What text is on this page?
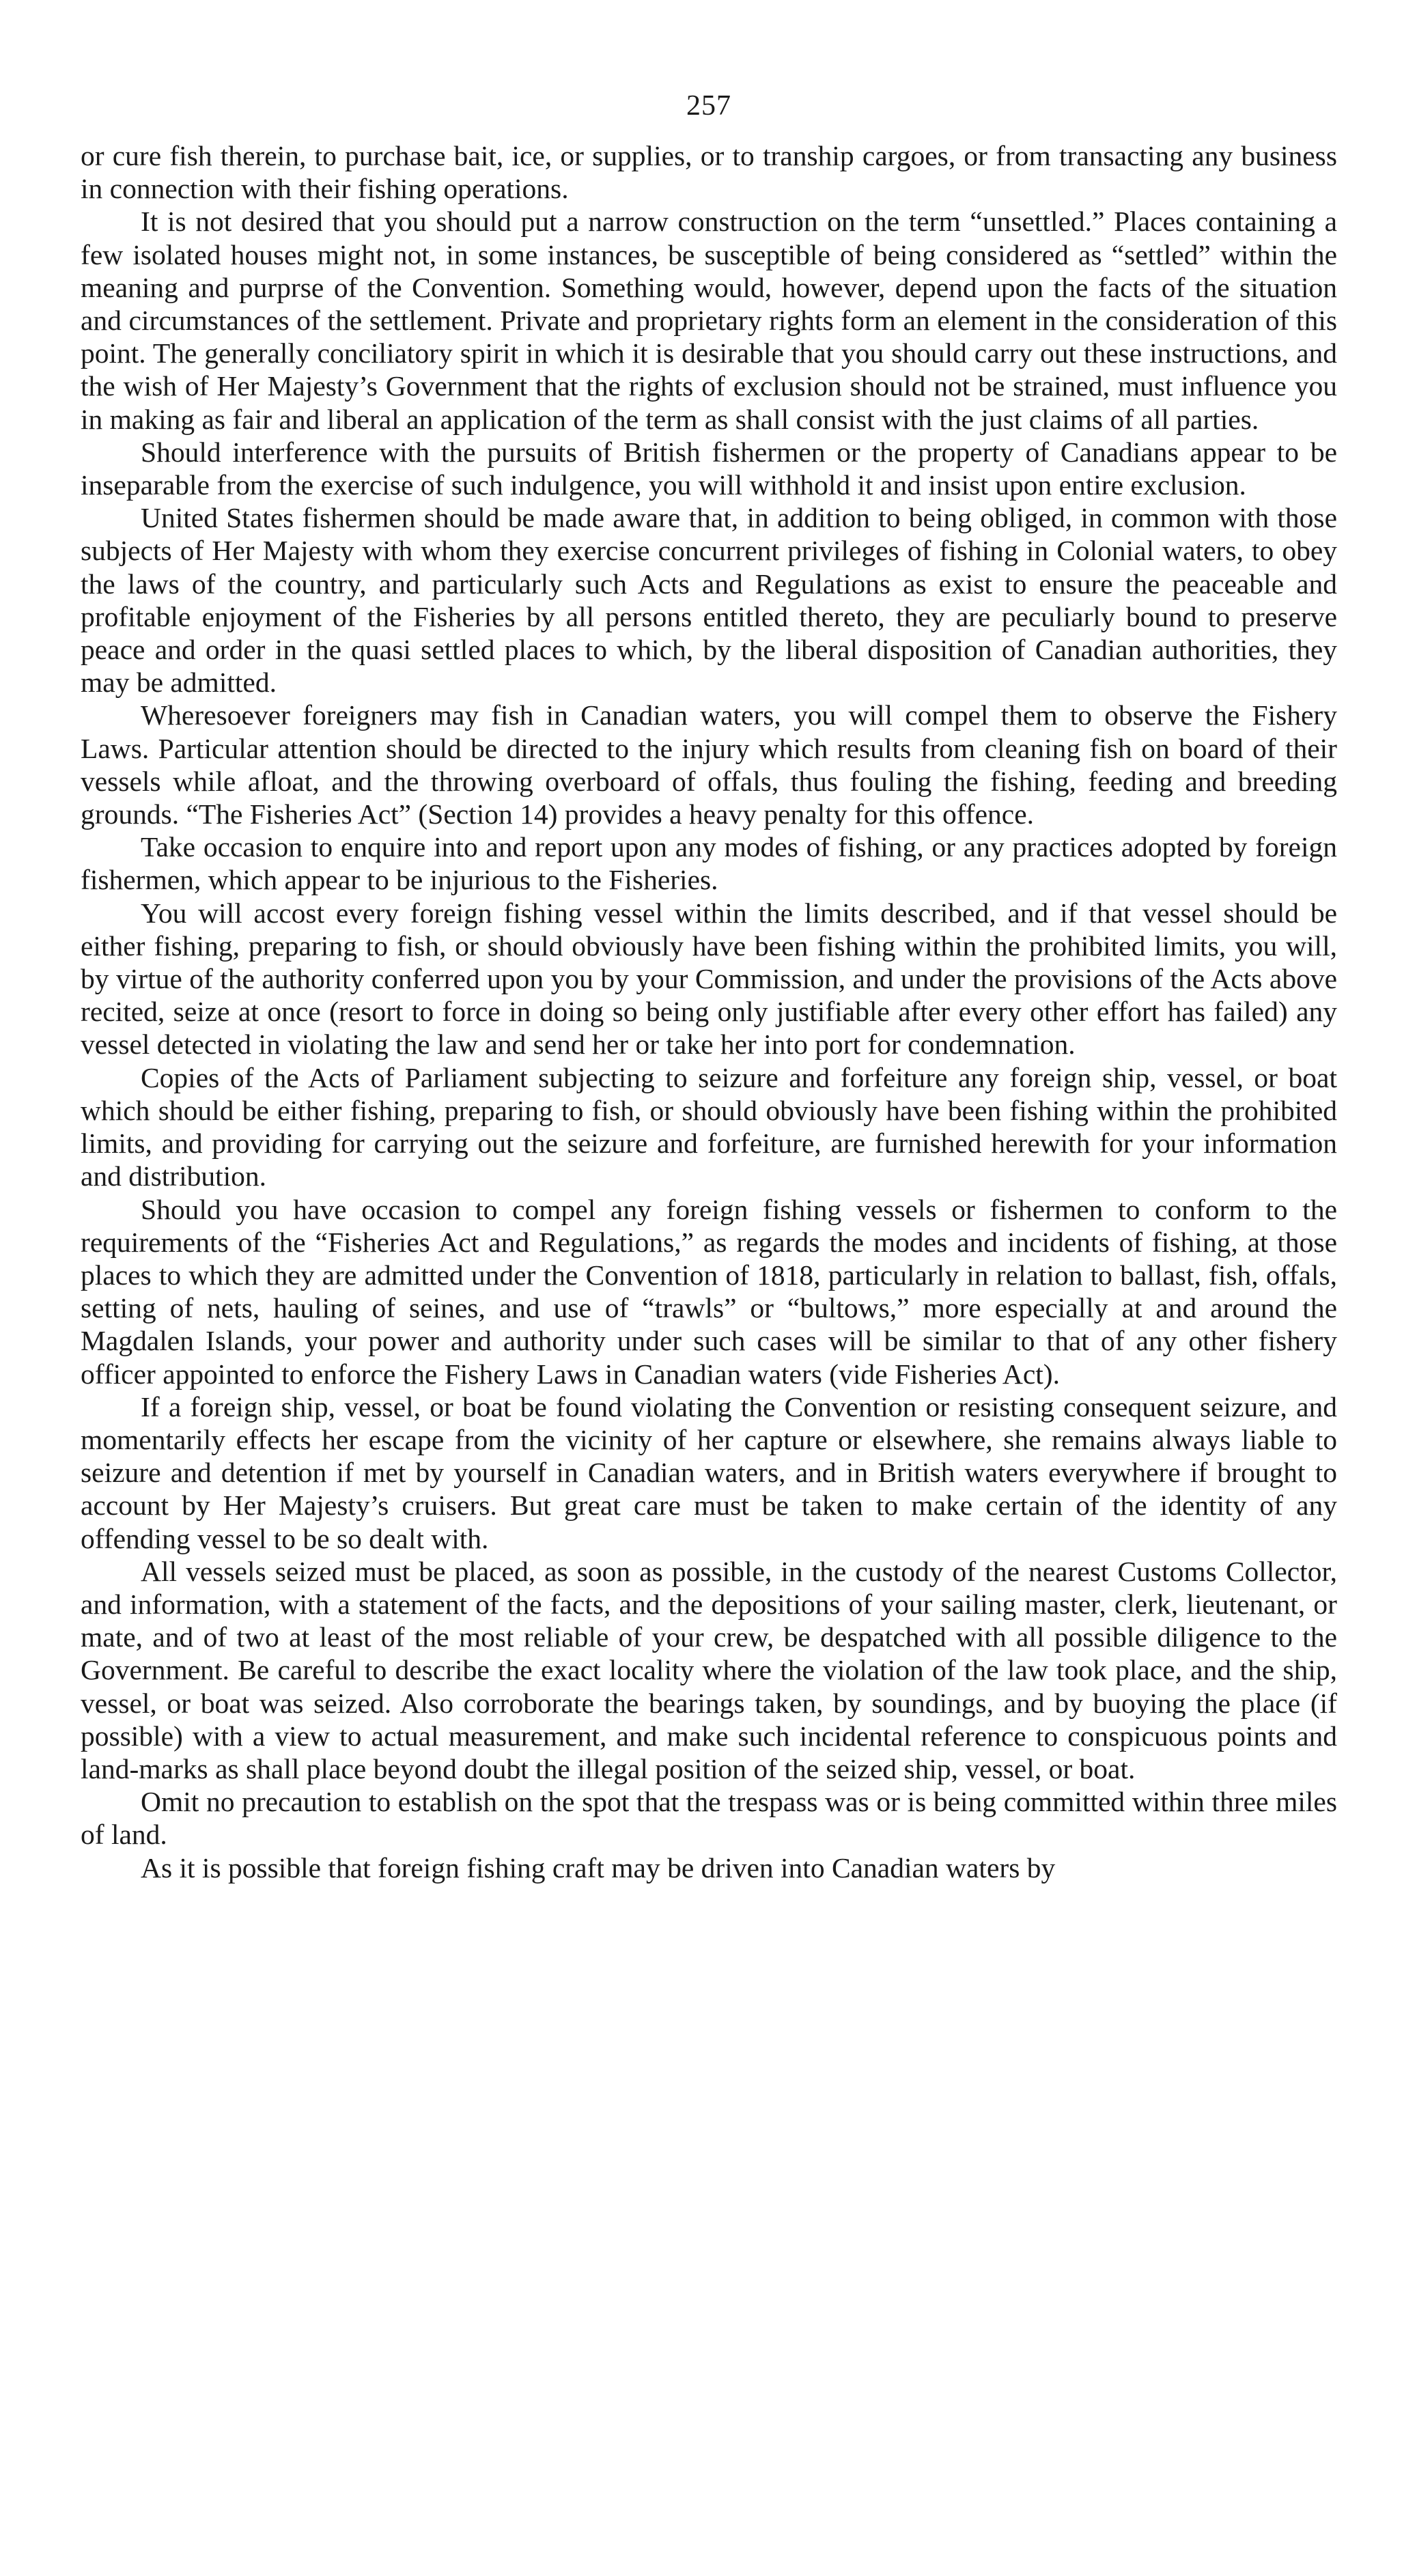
257

or cure fish therein, to purchase bait, ice, or supplies, or to tranship cargoes, or from transacting any business in connection with their fishing operations.

It is not desired that you should put a narrow construction on the term “unsettled.” Places containing a few isolated houses might not, in some instances, be susceptible of being considered as “settled” within the meaning and purprse of the Convention. Something would, however, depend upon the facts of the situation and circumstances of the settlement. Private and proprietary rights form an element in the consideration of this point. The generally conciliatory spirit in which it is desirable that you should carry out these instructions, and the wish of Her Majesty’s Government that the rights of exclusion should not be strained, must influence you in making as fair and liberal an application of the term as shall consist with the just claims of all parties.

Should interference with the pursuits of British fishermen or the property of Canadians appear to be inseparable from the exercise of such indulgence, you will withhold it and insist upon entire exclusion.

United States fishermen should be made aware that, in addition to being obliged, in common with those subjects of Her Majesty with whom they exercise concurrent privileges of fishing in Colonial waters, to obey the laws of the country, and particularly such Acts and Regulations as exist to ensure the peaceable and profitable enjoyment of the Fisheries by all persons entitled thereto, they are peculiarly bound to preserve peace and order in the quasi settled places to which, by the liberal disposition of Canadian authorities, they may be admitted.

Wheresoever foreigners may fish in Canadian waters, you will compel them to observe the Fishery Laws. Particular attention should be directed to the injury which results from cleaning fish on board of their vessels while afloat, and the throwing overboard of offals, thus fouling the fishing, feeding and breeding grounds. “The Fisheries Act” (Section 14) provides a heavy penalty for this offence.

Take occasion to enquire into and report upon any modes of fishing, or any practices adopted by foreign fishermen, which appear to be injurious to the Fisheries.

You will accost every foreign fishing vessel within the limits described, and if that vessel should be either fishing, preparing to fish, or should obviously have been fishing within the prohibited limits, you will, by virtue of the authority conferred upon you by your Commission, and under the provisions of the Acts above recited, seize at once (resort to force in doing so being only justifiable after every other effort has failed) any vessel detected in violating the law and send her or take her into port for condemnation.

Copies of the Acts of Parliament subjecting to seizure and forfeiture any foreign ship, vessel, or boat which should be either fishing, preparing to fish, or should obviously have been fishing within the prohibited limits, and providing for carrying out the seizure and forfeiture, are furnished herewith for your information and distribution.

Should you have occasion to compel any foreign fishing vessels or fishermen to conform to the requirements of the “Fisheries Act and Regulations,” as regards the modes and incidents of fishing, at those places to which they are admitted under the Convention of 1818, particularly in relation to ballast, fish, offals, setting of nets, hauling of seines, and use of “trawls” or “bultows,” more especially at and around the Magdalen Islands, your power and authority under such cases will be similar to that of any other fishery officer appointed to enforce the Fishery Laws in Canadian waters (vide Fisheries Act).

If a foreign ship, vessel, or boat be found violating the Convention or resisting consequent seizure, and momentarily effects her escape from the vicinity of her capture or elsewhere, she remains always liable to seizure and detention if met by yourself in Canadian waters, and in British waters everywhere if brought to account by Her Majesty’s cruisers. But great care must be taken to make certain of the identity of any offending vessel to be so dealt with.

All vessels seized must be placed, as soon as possible, in the custody of the nearest Customs Collector, and information, with a statement of the facts, and the depositions of your sailing master, clerk, lieutenant, or mate, and of two at least of the most reliable of your crew, be despatched with all possible diligence to the Government. Be careful to describe the exact locality where the violation of the law took place, and the ship, vessel, or boat was seized. Also corroborate the bearings taken, by soundings, and by buoying the place (if possible) with a view to actual measurement, and make such incidental reference to conspicuous points and land-marks as shall place beyond doubt the illegal position of the seized ship, vessel, or boat.

Omit no precaution to establish on the spot that the trespass was or is being committed within three miles of land.

As it is possible that foreign fishing craft may be driven into Canadian waters by
